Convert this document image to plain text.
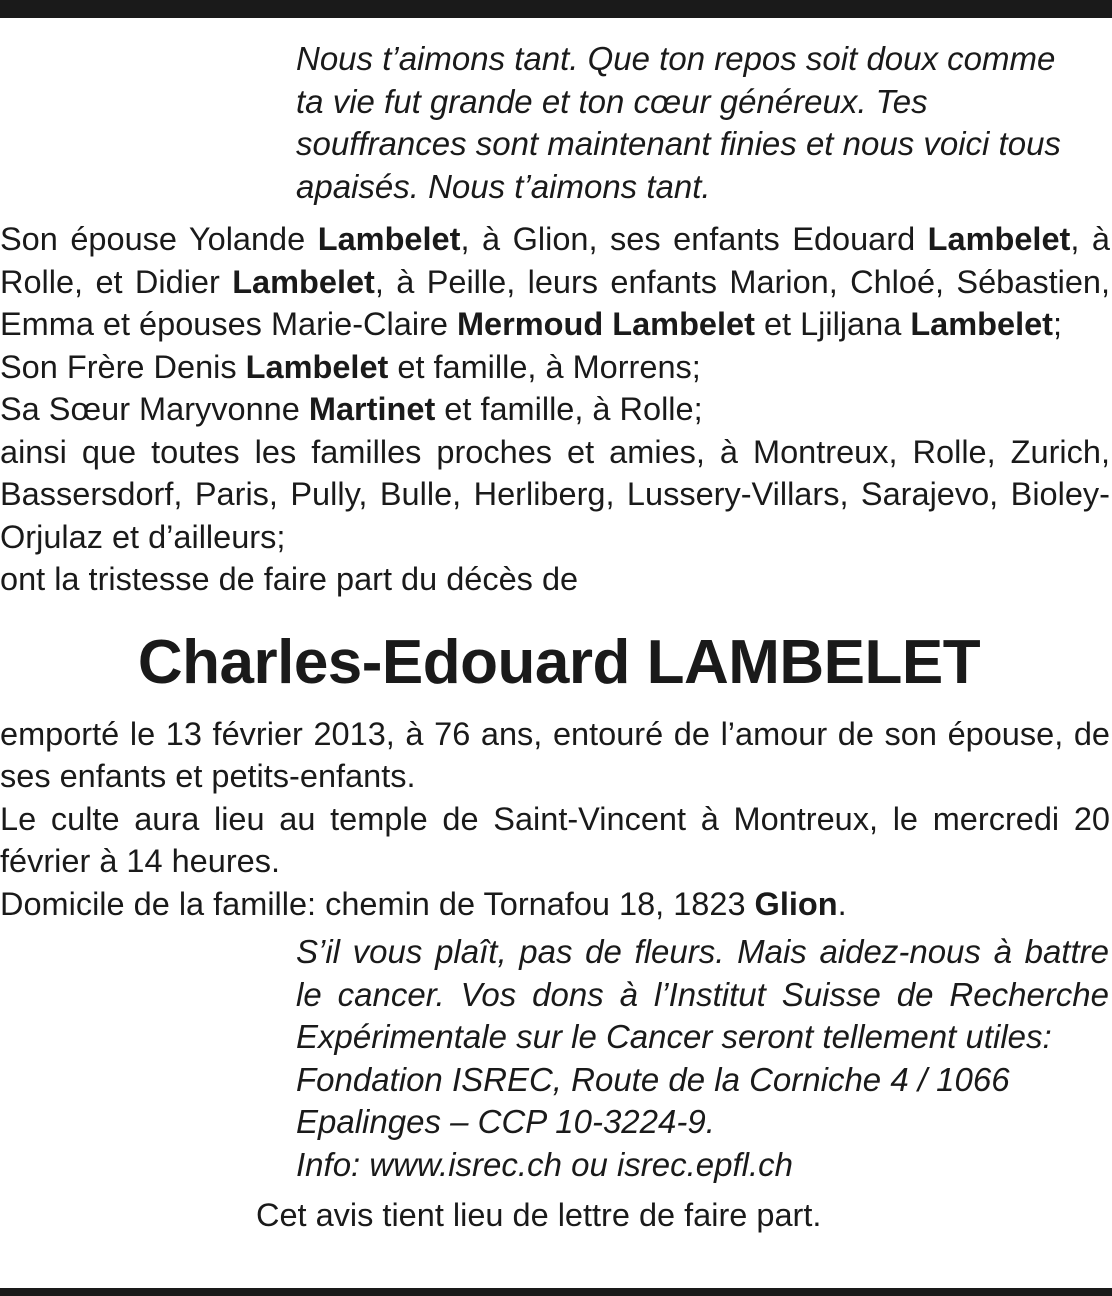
Nous t’aimons tant. Que ton repos soit doux comme
ta vie fut grande et ton cœur généreux. Tes
souffrances sont maintenant finies et nous voici tous
apaisés. Nous t’aimons tant.

Son épouse Yolande Lambelet, à Glion, ses enfants Edouard Lambelet, à Rolle, et Didier Lambelet, à Peille, leurs enfants Marion, Chloé, Sébastien, Emma et épouses Marie-Claire Mermoud Lambelet et Ljiljana Lambelet;

Son Frère Denis Lambelet et famille, à Morrens;

Sa Sœur Maryvonne Martinet et famille, à Rolle;

ainsi que toutes les familles proches et amies, à Montreux, Rolle, Zurich, Bassersdorf, Paris, Pully, Bulle, Herliberg, Lussery-Villars, Sarajevo, Bioley-Orjulaz et d’ailleurs;

ont la tristesse de faire part du décès de

Charles-Edouard LAMBELET

emporté le 13 février 2013, à 76 ans, entouré de l’amour de son épouse, de ses enfants et petits-enfants.

Le culte aura lieu au temple de Saint-Vincent à Montreux, le mercredi 20 février à 14 heures.

Domicile de la famille: chemin de Tornafou 18, 1823 Glion.

S’il vous plaît, pas de fleurs. Mais aidez-nous à battre le cancer. Vos dons à l’Institut Suisse de Recherche Expérimentale sur le Cancer seront tellement utiles:

Fondation ISREC, Route de la Corniche 4 / 1066

Epalinges – CCP 10-3224-9.

Info: www.isrec.ch ou isrec.epfl.ch

Cet avis tient lieu de lettre de faire part.
